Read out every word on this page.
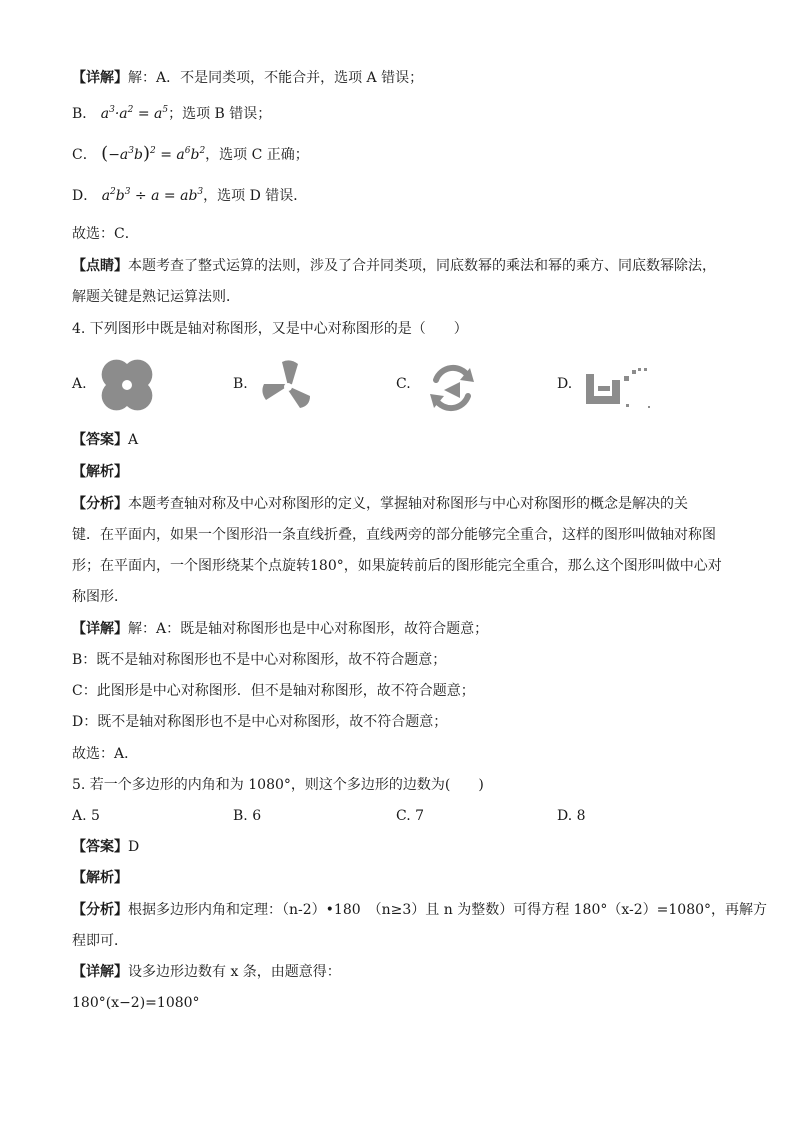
【详解】解：A．不是同类项，不能合并，选项 A 错误；
B． $a^3\cdot a^2 = a^5$；选项 B 错误；
C． $(-a^3b)^2 = a^6b^2$，选项 C 正确；
D． $a^2b^3 \div a = ab^3$，选项 D 错误．
故选：C．
【点睛】本题考查了整式运算的法则，涉及了合并同类项，同底数幂的乘法和幂的乘方、同底数幂除法，
解题关键是熟记运算法则．
4. 下列图形中既是轴对称图形，又是中心对称图形的是（　　）
A.	B.	C.	D.
【答案】A
【解析】
【分析】本题考查轴对称及中心对称图形的定义，掌握轴对称图形与中心对称图形的概念是解决的关
键．在平面内，如果一个图形沿一条直线折叠，直线两旁的部分能够完全重合，这样的图形叫做轴对称图
形；在平面内，一个图形绕某个点旋转180°，如果旋转前后的图形能完全重合，那么这个图形叫做中心对
称图形．
【详解】解：A：既是轴对称图形也是中心对称图形，故符合题意；
B：既不是轴对称图形也不是中心对称图形，故不符合题意；
C：此图形是中心对称图形．但不是轴对称图形，故不符合题意；
D：既不是轴对称图形也不是中心对称图形，故不符合题意；
故选：A．
5. 若一个多边形的内角和为 1080°，则这个多边形的边数为(　　)
A. 5	B. 6	C. 7	D. 8
【答案】D
【解析】
【分析】根据多边形内角和定理：（n-2）•180　（n≥3）且 n 为整数）可得方程 180°（x-2）=1080°，再解方
程即可．
【详解】设多边形边数有 x 条，由题意得：
180°(x−2)=1080°
